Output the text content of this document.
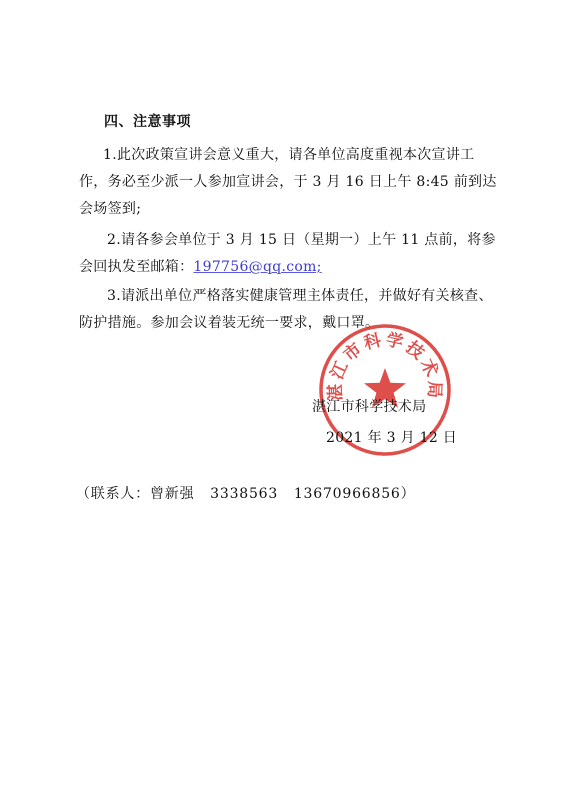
四、注意事项
1.此次政策宣讲会意义重大，请各单位高度重视本次宣讲工作，务必至少派一人参加宣讲会，于 3 月 16 日上午 8:45 前到达会场签到;
2.请各参会单位于 3 月 15 日（星期一）上午 11 点前，将参会回执发至邮箱：197756@qq.com;
3.请派出单位严格落实健康管理主体责任，并做好有关核查、防护措施。参加会议着装无统一要求，戴口罩。
湛江市科学技术局
湛江市科学技术局
2021 年 3 月 12 日
（联系人：曾新强   3338563   13670966856）
